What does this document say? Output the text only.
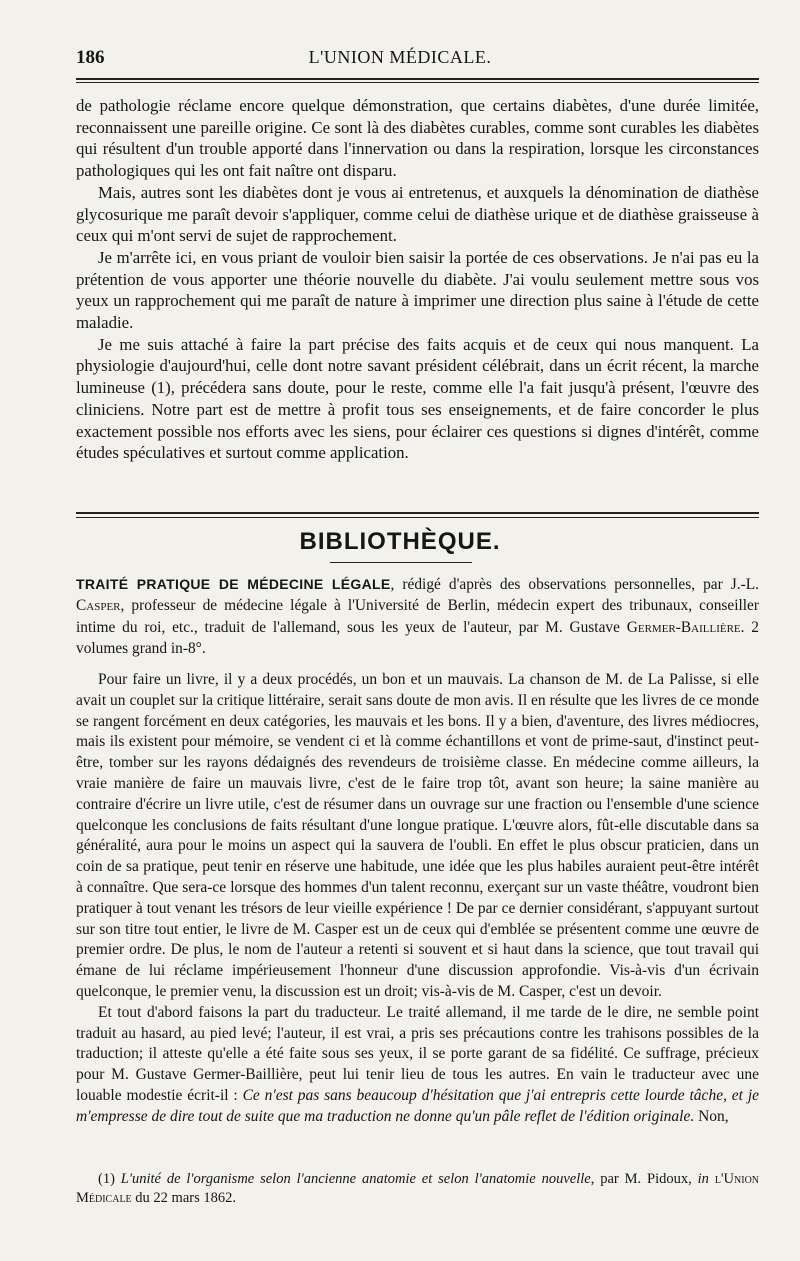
186	L'UNION MÉDICALE.

de pathologie réclame encore quelque démonstration, que certains diabètes, d'une durée limitée, reconnaissent une pareille origine. Ce sont là des diabètes curables, comme sont curables les diabètes qui résultent d'un trouble apporté dans l'innervation ou dans la respiration, lorsque les circonstances pathologiques qui les ont fait naître ont disparu.

Mais, autres sont les diabètes dont je vous ai entretenus, et auxquels la dénomination de diathèse glycosurique me paraît devoir s'appliquer, comme celui de diathèse urique et de diathèse graisseuse à ceux qui m'ont servi de sujet de rapprochement.

Je m'arrête ici, en vous priant de vouloir bien saisir la portée de ces observations. Je n'ai pas eu la prétention de vous apporter une théorie nouvelle du diabète. J'ai voulu seulement mettre sous vos yeux un rapprochement qui me paraît de nature à imprimer une direction plus saine à l'étude de cette maladie.

Je me suis attaché à faire la part précise des faits acquis et de ceux qui nous manquent. La physiologie d'aujourd'hui, celle dont notre savant président célébrait, dans un écrit récent, la marche lumineuse (1), précédera sans doute, pour le reste, comme elle l'a fait jusqu'à présent, l'œuvre des cliniciens. Notre part est de mettre à profit tous ses enseignements, et de faire concorder le plus exactement possible nos efforts avec les siens, pour éclairer ces questions si dignes d'intérêt, comme études spéculatives et surtout comme application.

BIBLIOTHÈQUE.

TRAITÉ PRATIQUE DE MÉDECINE LÉGALE, rédigé d'après des observations personnelles, par J.-L. Casper, professeur de médecine légale à l'Université de Berlin, médecin expert des tribunaux, conseiller intime du roi, etc., traduit de l'allemand, sous les yeux de l'auteur, par M. Gustave Germer-Baillière. 2 volumes grand in-8°.

Pour faire un livre, il y a deux procédés, un bon et un mauvais. La chanson de M. de La Palisse, si elle avait un couplet sur la critique littéraire, serait sans doute de mon avis. Il en résulte que les livres de ce monde se rangent forcément en deux catégories, les mauvais et les bons. Il y a bien, d'aventure, des livres médiocres, mais ils existent pour mémoire, se vendent ci et là comme échantillons et vont de prime-saut, d'instinct peut-être, tomber sur les rayons dédaignés des revendeurs de troisième classe. En médecine comme ailleurs, la vraie manière de faire un mauvais livre, c'est de le faire trop tôt, avant son heure; la saine manière au contraire d'écrire un livre utile, c'est de résumer dans un ouvrage sur une fraction ou l'ensemble d'une science quelconque les conclusions de faits résultant d'une longue pratique. L'œuvre alors, fût-elle discutable dans sa généralité, aura pour le moins un aspect qui la sauvera de l'oubli. En effet le plus obscur praticien, dans un coin de sa pratique, peut tenir en réserve une habitude, une idée que les plus habiles auraient peut-être intérêt à connaître. Que sera-ce lorsque des hommes d'un talent reconnu, exerçant sur un vaste théâtre, voudront bien pratiquer à tout venant les trésors de leur vieille expérience ! De par ce dernier considérant, s'appuyant surtout sur son titre tout entier, le livre de M. Casper est un de ceux qui d'emblée se présentent comme une œuvre de premier ordre. De plus, le nom de l'auteur a retenti si souvent et si haut dans la science, que tout travail qui émane de lui réclame impérieusement l'honneur d'une discussion approfondie. Vis-à-vis d'un écrivain quelconque, le premier venu, la discussion est un droit; vis-à-vis de M. Casper, c'est un devoir.

Et tout d'abord faisons la part du traducteur. Le traité allemand, il me tarde de le dire, ne semble point traduit au hasard, au pied levé; l'auteur, il est vrai, a pris ses précautions contre les trahisons possibles de la traduction; il atteste qu'elle a été faite sous ses yeux, il se porte garant de sa fidélité. Ce suffrage, précieux pour M. Gustave Germer-Baillière, peut lui tenir lieu de tous les autres. En vain le traducteur avec une louable modestie écrit-il : Ce n'est pas sans beaucoup d'hésitation que j'ai entrepris cette lourde tâche, et je m'empresse de dire tout de suite que ma traduction ne donne qu'un pâle reflet de l'édition originale. Non,

(1) L'unité de l'organisme selon l'ancienne anatomie et selon l'anatomie nouvelle, par M. Pidoux, in l'Union Médicale du 22 mars 1862.
